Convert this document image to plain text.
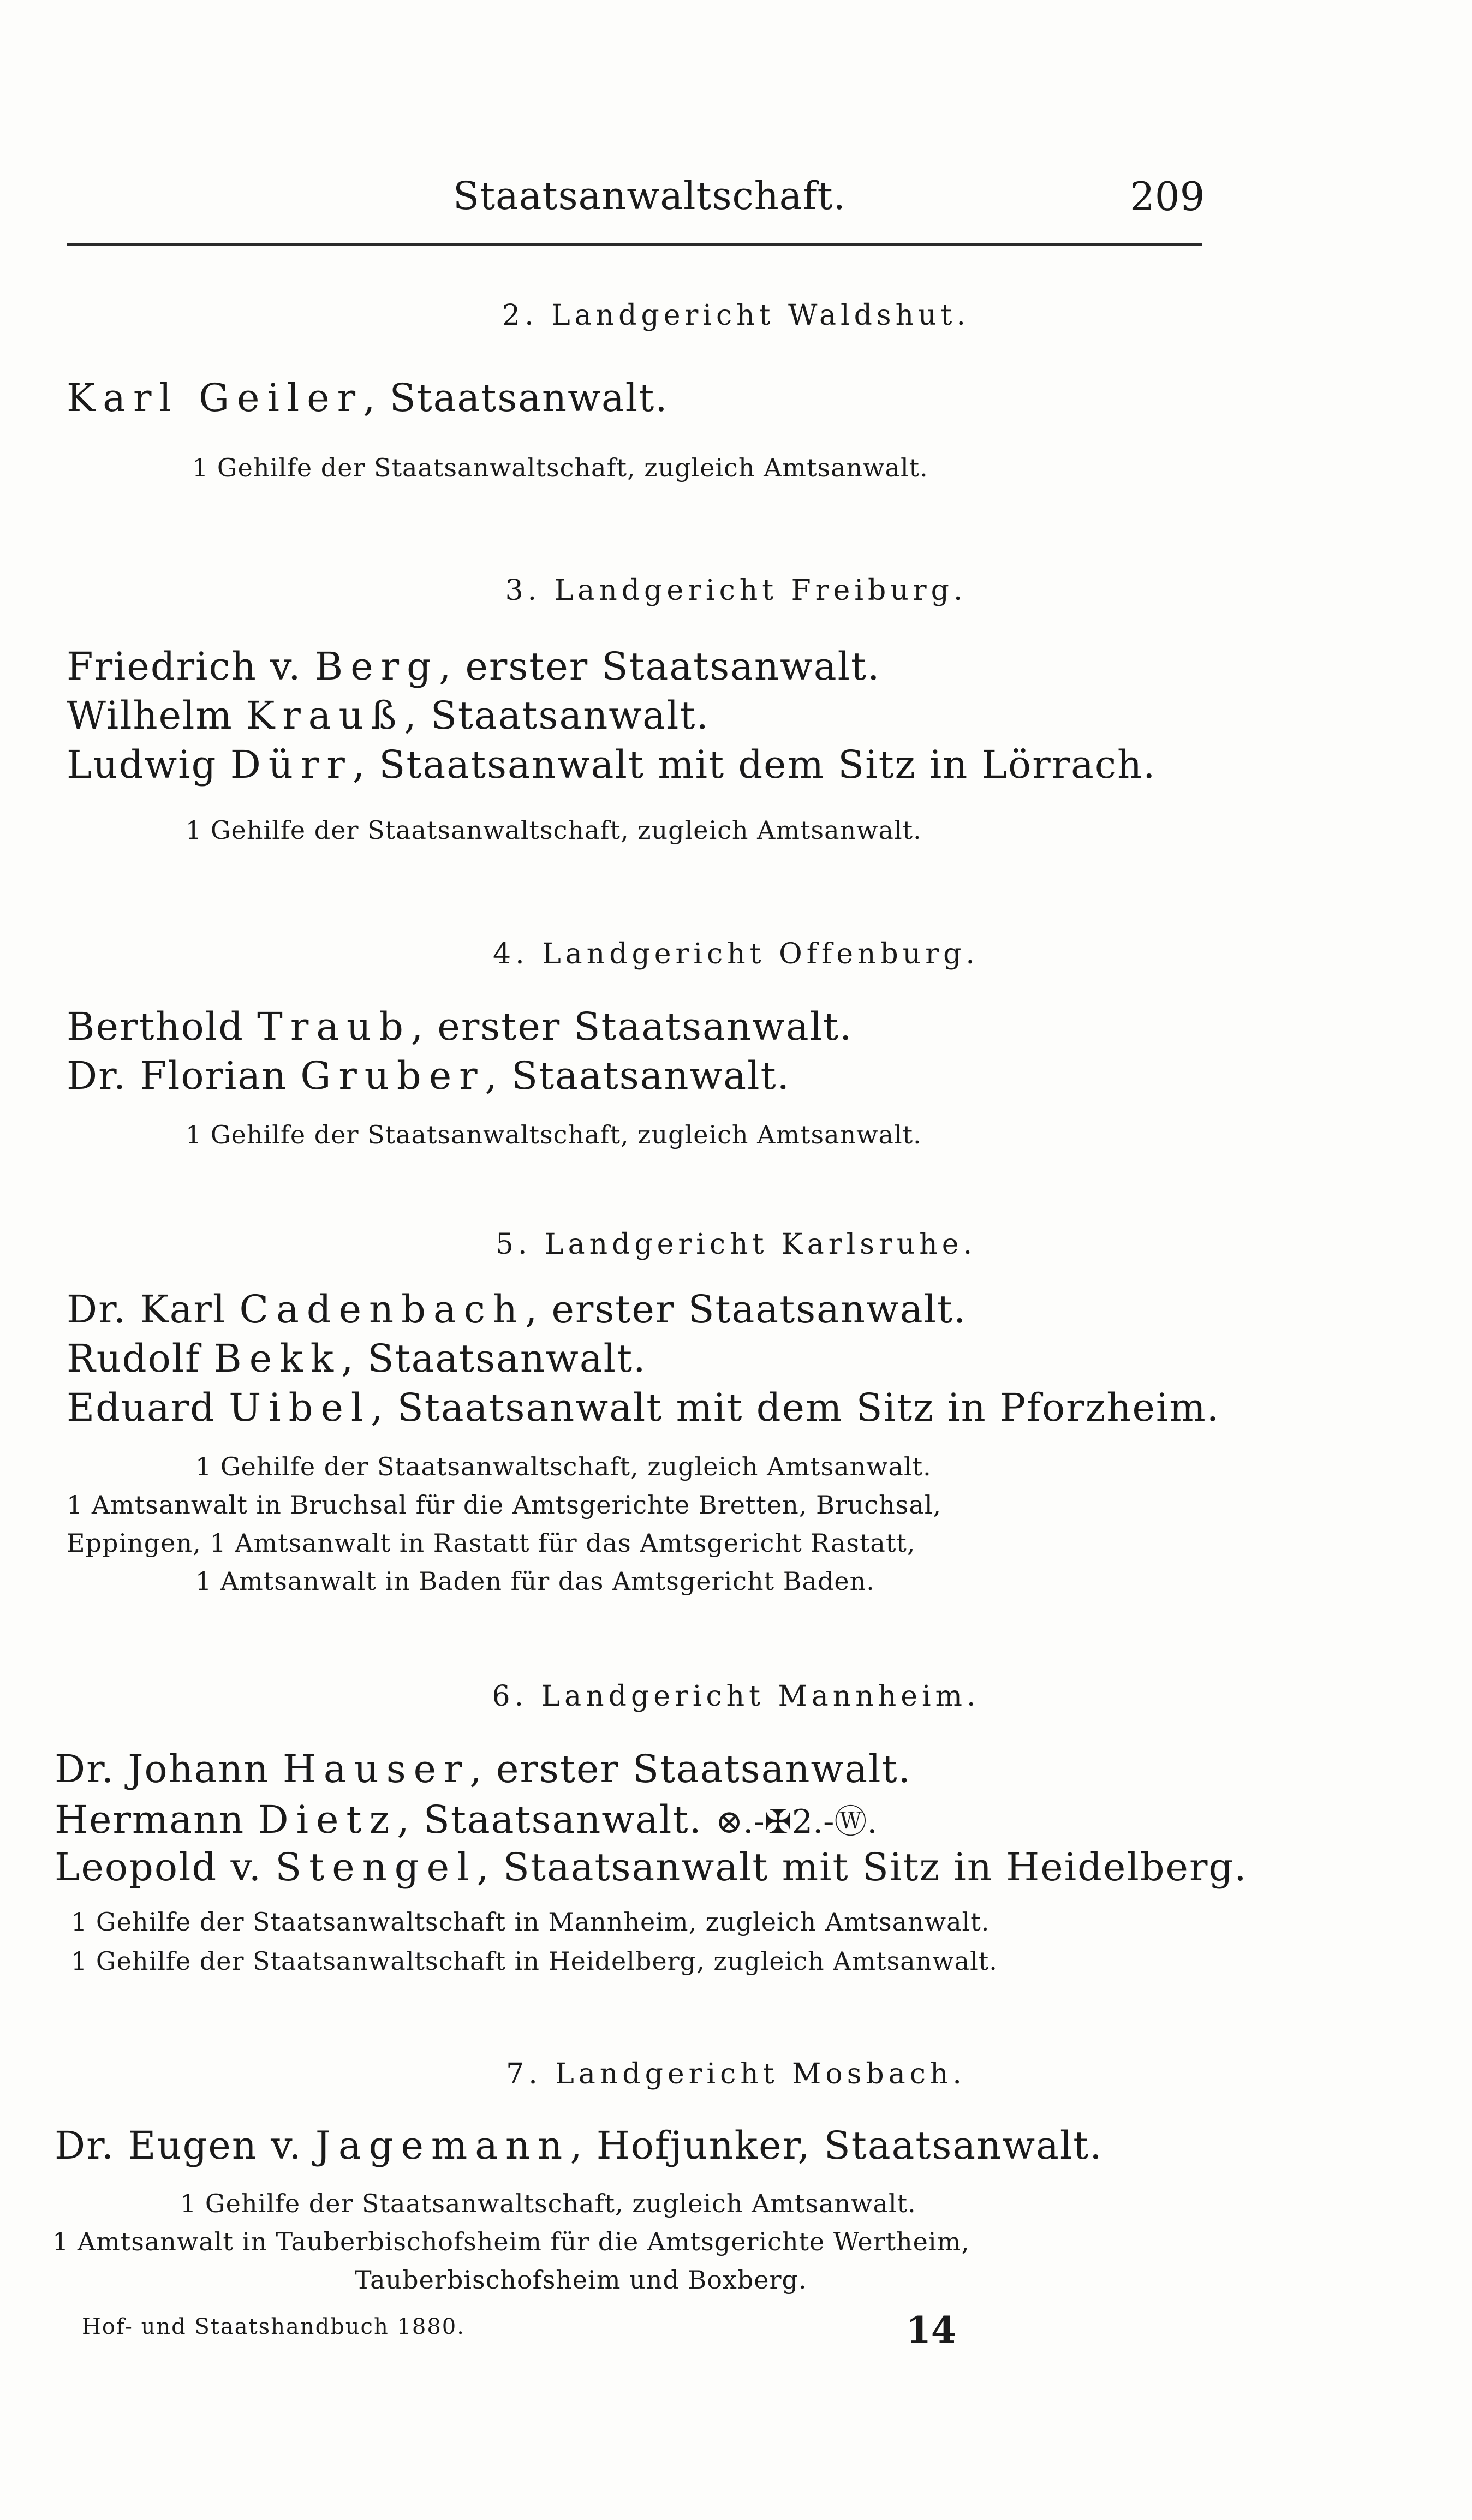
Staatsanwaltschaft.	209
2. Landgericht Waldshut.
Karl Geiler, Staatsanwalt.
1 Gehilfe der Staatsanwaltschaft, zugleich Amtsanwalt.
3. Landgericht Freiburg.
Friedrich v. Berg, erster Staatsanwalt.
Wilhelm Krauß, Staatsanwalt.
Ludwig Dürr, Staatsanwalt mit dem Sitz in Lörrach.
1 Gehilfe der Staatsanwaltschaft, zugleich Amtsanwalt.
4. Landgericht Offenburg.
Berthold Traub, erster Staatsanwalt.
Dr. Florian Gruber, Staatsanwalt.
1 Gehilfe der Staatsanwaltschaft, zugleich Amtsanwalt.
5. Landgericht Karlsruhe.
Dr. Karl Cadenbach, erster Staatsanwalt.
Rudolf Bekk, Staatsanwalt.
Eduard Uibel, Staatsanwalt mit dem Sitz in Pforzheim.
1 Gehilfe der Staatsanwaltschaft, zugleich Amtsanwalt.
1 Amtsanwalt in Bruchsal für die Amtsgerichte Bretten, Bruchsal,
Eppingen, 1 Amtsanwalt in Rastatt für das Amtsgericht Rastatt,
1 Amtsanwalt in Baden für das Amtsgericht Baden.
6. Landgericht Mannheim.
Dr. Johann Hauser, erster Staatsanwalt.
Hermann Dietz, Staatsanwalt. ⊗.-✠2.-Ⓦ.
Leopold v. Stengel, Staatsanwalt mit Sitz in Heidelberg.
1 Gehilfe der Staatsanwaltschaft in Mannheim, zugleich Amtsanwalt.
1 Gehilfe der Staatsanwaltschaft in Heidelberg, zugleich Amtsanwalt.
7. Landgericht Mosbach.
Dr. Eugen v. Jagemann, Hofjunker, Staatsanwalt.
1 Gehilfe der Staatsanwaltschaft, zugleich Amtsanwalt.
1 Amtsanwalt in Tauberbischofsheim für die Amtsgerichte Wertheim,
Tauberbischofsheim und Boxberg.
Hof- und Staatshandbuch 1880.	14
